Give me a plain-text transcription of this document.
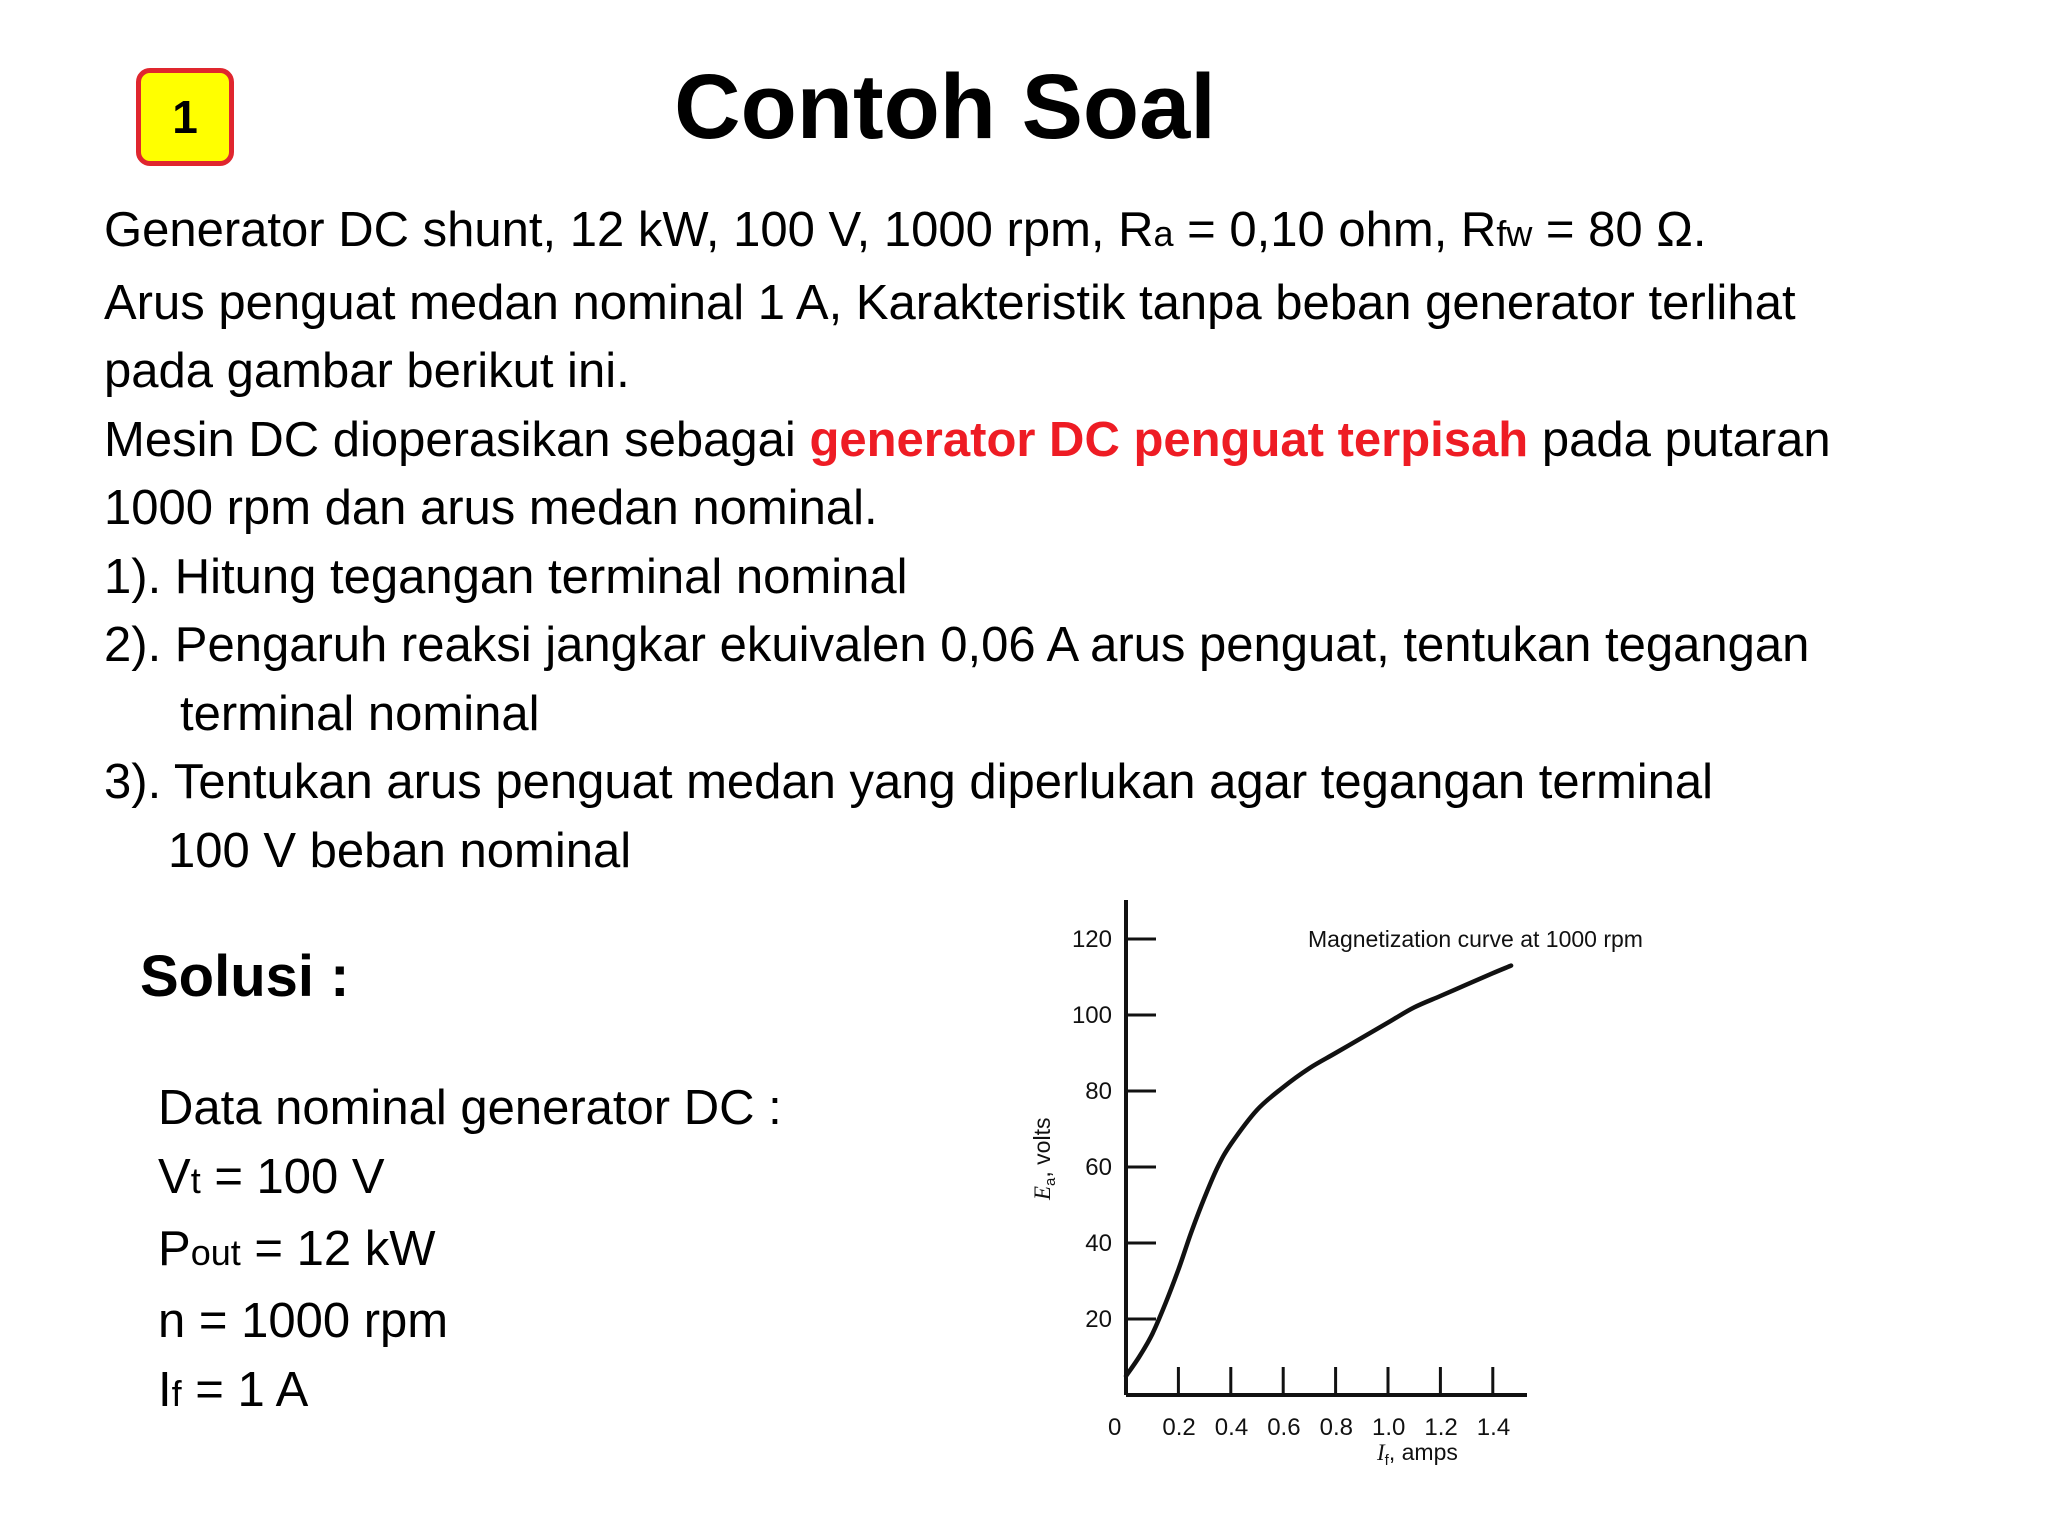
1	Contoh Soal

Generator DC shunt, 12 kW, 100 V, 1000 rpm, Ra = 0,10 ohm, Rfw = 80 Ω.

Arus penguat medan nominal 1 A, Karakteristik tanpa beban generator terlihat

pada gambar berikut ini.

Mesin DC dioperasikan sebagai generator DC penguat terpisah pada putaran

1000 rpm dan arus medan nominal.

1). Hitung tegangan terminal nominal

2). Pengaruh reaksi jangkar ekuivalen 0,06 A arus penguat, tentukan tegangan

terminal nominal

3). Tentukan arus penguat medan yang diperlukan agar tegangan terminal

100 V beban nominal

Solusi :

Data nominal generator DC :

Vt = 100 V

Pout = 12 kW

n = 1000 rpm

If = 1 A

0 0.2 0.4 0.6 0.8 1.0 1.2 1.4
20
40
60
80
100
120	Magnetization curve at 1000 rpm
$I_f$, amps
$E_a$, volts
